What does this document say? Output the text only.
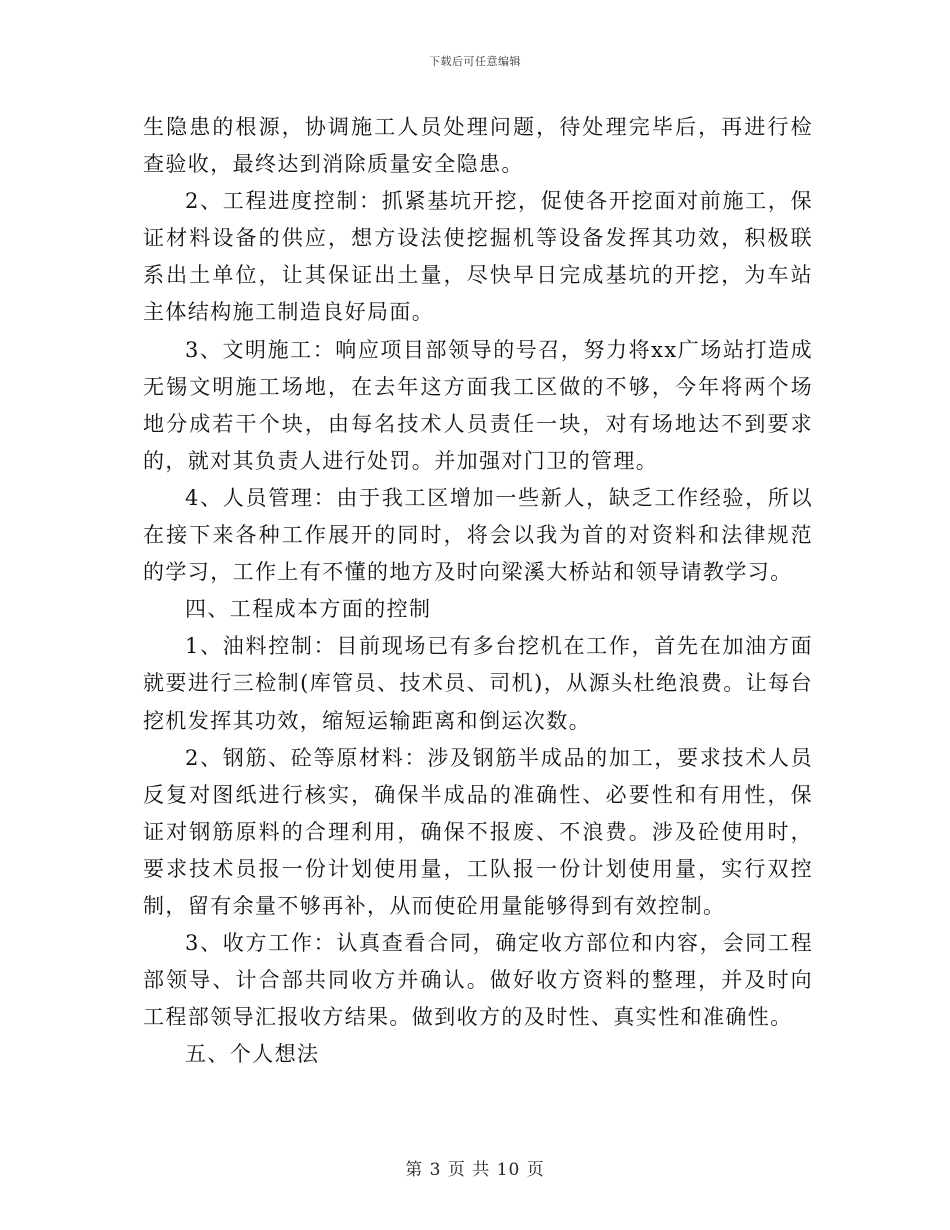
下载后可任意编辑

生隐患的根源，协调施工人员处理问题，待处理完毕后，再进行检查验收，最终达到消除质量安全隐患。

2、工程进度控制：抓紧基坑开挖，促使各开挖面对前施工，保证材料设备的供应，想方设法使挖掘机等设备发挥其功效，积极联系出土单位，让其保证出土量，尽快早日完成基坑的开挖，为车站主体结构施工制造良好局面。

3、文明施工：响应项目部领导的号召，努力将xx广场站打造成无锡文明施工场地，在去年这方面我工区做的不够，今年将两个场地分成若干个块，由每名技术人员责任一块，对有场地达不到要求的，就对其负责人进行处罚。并加强对门卫的管理。

4、人员管理：由于我工区增加一些新人，缺乏工作经验，所以在接下来各种工作展开的同时，将会以我为首的对资料和法律规范的学习，工作上有不懂的地方及时向梁溪大桥站和领导请教学习。

四、工程成本方面的控制

1、油料控制：目前现场已有多台挖机在工作，首先在加油方面就要进行三检制(库管员、技术员、司机)，从源头杜绝浪费。让每台挖机发挥其功效，缩短运输距离和倒运次数。

2、钢筋、砼等原材料：涉及钢筋半成品的加工，要求技术人员反复对图纸进行核实，确保半成品的准确性、必要性和有用性，保证对钢筋原料的合理利用，确保不报废、不浪费。涉及砼使用时，要求技术员报一份计划使用量，工队报一份计划使用量，实行双控制，留有余量不够再补，从而使砼用量能够得到有效控制。

3、收方工作：认真查看合同，确定收方部位和内容，会同工程部领导、计合部共同收方并确认。做好收方资料的整理，并及时向工程部领导汇报收方结果。做到收方的及时性、真实性和准确性。

五、个人想法

第 3 页 共 10 页
